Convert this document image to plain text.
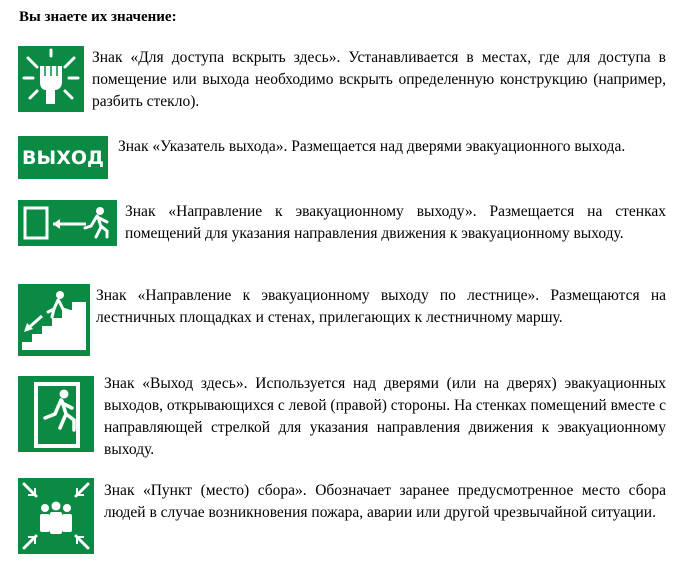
Вы знаете их значение:
Знак «Для доступа вскрыть здесь». Устанавливается в местах, где для доступа в помещение или выхода необходимо вскрыть определенную конструкцию (например, разбить стекло).
ВЫХОД Знак «Указатель выхода». Размещается над дверями эвакуационного выхода.
Знак «Направление к эвакуационному выходу». Размещается на стенках помещений для указания направления движения к эвакуационному выходу.
Знак «Направление к эвакуационному выходу по лестнице». Размещаются на лестничных площадках и стенах, прилегающих к лестничному маршу.
Знак «Выход здесь». Используется над дверями (или на дверях) эвакуационных выходов, открывающихся с левой (правой) стороны. На стенках помещений вместе с направляющей стрелкой для указания направления движения к эвакуационному выходу.
Знак «Пункт (место) сбора». Обозначает заранее предусмотренное место сбора людей в случае возникновения пожара, аварии или другой чрезвычайной ситуации.
